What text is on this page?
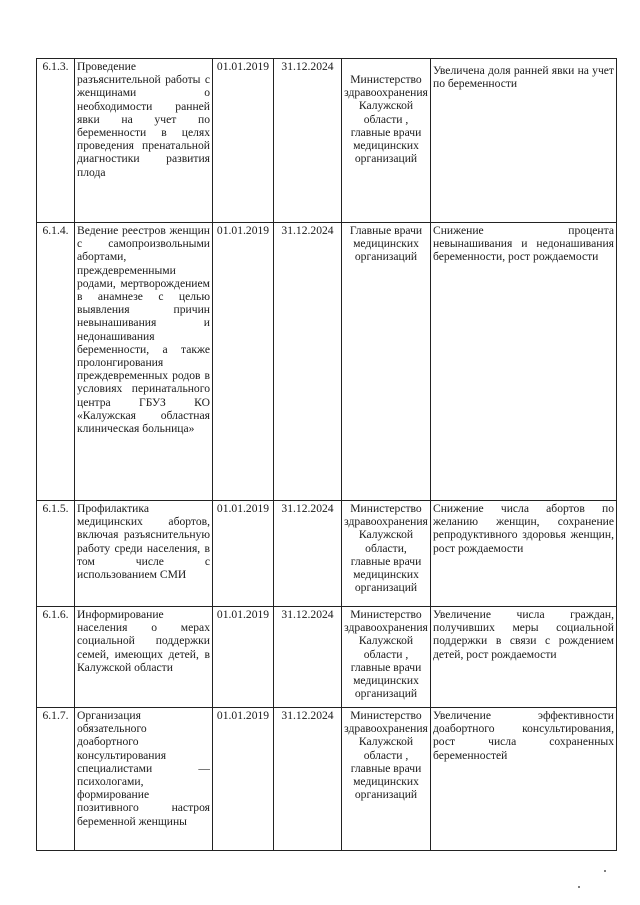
6.1.3.	Проведение разъяснительной работы с женщинами о необходимости ранней явки на учет по беременности в целях проведения пренатальной диагностики развития плода	01.01.2019	31.12.2024	Министерство здравоохранения Калужской области , главные врачи медицинских организаций	Увеличена доля ранней явки на учет по беременности
6.1.4.	Ведение реестров женщин с самопроизвольными абортами, преждевременными родами, мертворождением в анамнезе с целью выявления причин невынашивания и недонашивания беременности, а также пролонгирования преждевременных родов в условиях перинатального центра ГБУЗ КО «Калужская областная клиническая больница»	01.01.2019	31.12.2024	Главные врачи медицинских организаций	Снижение процента невынашивания и недонашивания беременности, рост рождаемости
6.1.5.	Профилактика медицинских абортов, включая разъяснительную работу среди населения, в том числе с использованием СМИ	01.01.2019	31.12.2024	Министерство здравоохранения Калужской области, главные врачи медицинских организаций	Снижение числа абортов по желанию женщин, сохранение репродуктивного здоровья женщин, рост рождаемости
6.1.6.	Информирование населения о мерах социальной поддержки семей, имеющих детей, в Калужской области	01.01.2019	31.12.2024	Министерство здравоохранения Калужской области , главные врачи медицинских организаций	Увеличение числа граждан, получивших меры социальной поддержки в связи с рождением детей, рост рождаемости
6.1.7.	Организация обязательного доабортного консультирования специалистами — психологами, формирование позитивного настроя беременной женщины	01.01.2019	31.12.2024	Министерство здравоохранения Калужской области , главные врачи медицинских организаций	Увеличение эффективности доабортного консультирования, рост числа сохраненных беременностей
